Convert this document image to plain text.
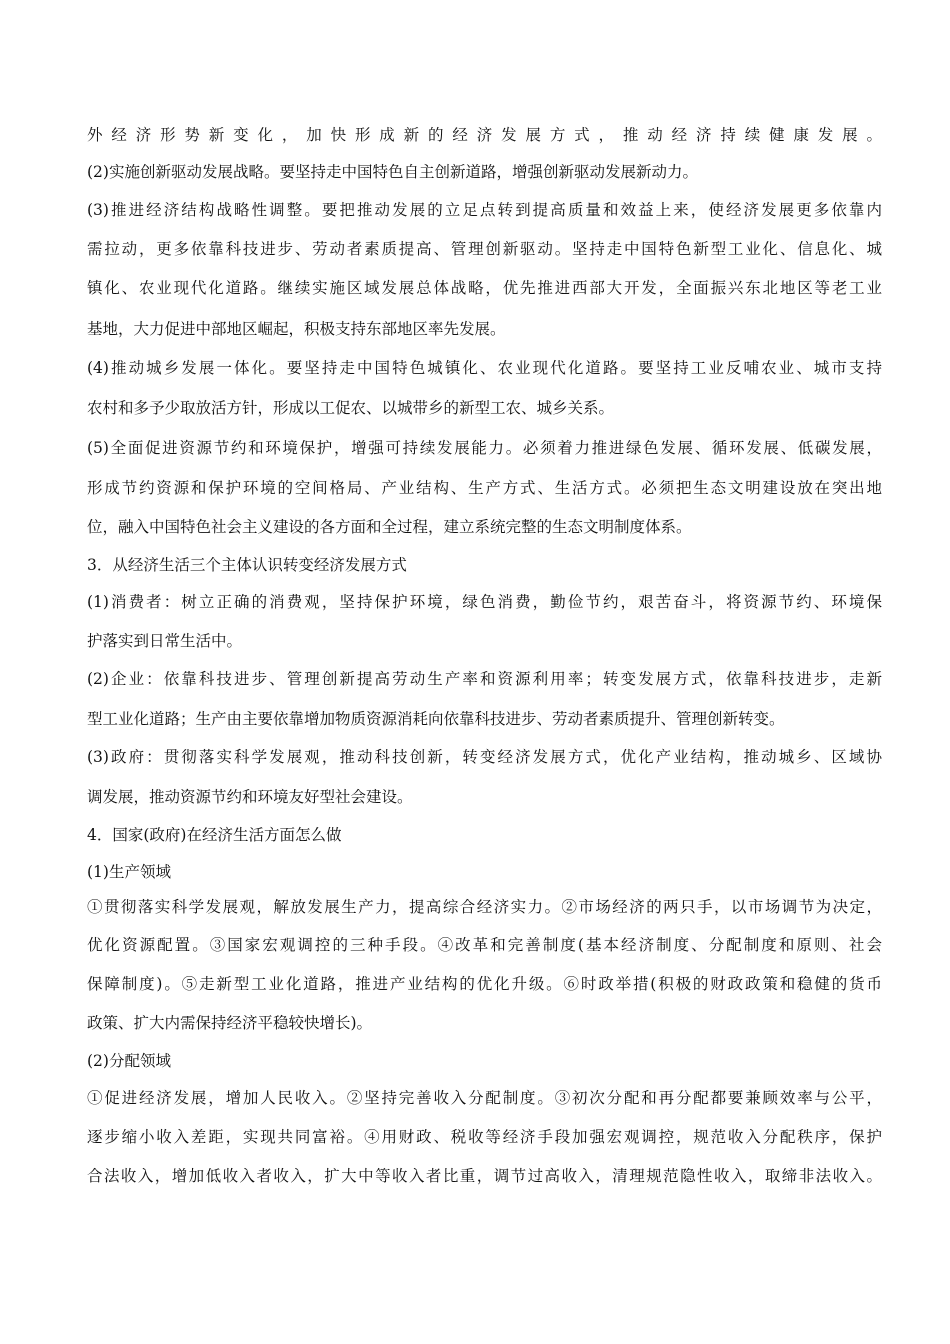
外经济形势新变化，加快形成新的经济发展方式，推动经济持续健康发展。
(2)实施创新驱动发展战略。要坚持走中国特色自主创新道路，增强创新驱动发展新动力。
(3)推进经济结构战略性调整。要把推动发展的立足点转到提高质量和效益上来，使经济发展更多依靠内
需拉动，更多依靠科技进步、劳动者素质提高、管理创新驱动。坚持走中国特色新型工业化、信息化、城
镇化、农业现代化道路。继续实施区域发展总体战略，优先推进西部大开发，全面振兴东北地区等老工业
基地，大力促进中部地区崛起，积极支持东部地区率先发展。
(4)推动城乡发展一体化。要坚持走中国特色城镇化、农业现代化道路。要坚持工业反哺农业、城市支持
农村和多予少取放活方针，形成以工促农、以城带乡的新型工农、城乡关系。
(5)全面促进资源节约和环境保护，增强可持续发展能力。必须着力推进绿色发展、循环发展、低碳发展，
形成节约资源和保护环境的空间格局、产业结构、生产方式、生活方式。必须把生态文明建设放在突出地
位，融入中国特色社会主义建设的各方面和全过程，建立系统完整的生态文明制度体系。
3．从经济生活三个主体认识转变经济发展方式
(1)消费者：树立正确的消费观，坚持保护环境，绿色消费，勤俭节约，艰苦奋斗，将资源节约、环境保
护落实到日常生活中。
(2)企业：依靠科技进步、管理创新提高劳动生产率和资源利用率；转变发展方式，依靠科技进步，走新
型工业化道路；生产由主要依靠增加物质资源消耗向依靠科技进步、劳动者素质提升、管理创新转变。
(3)政府：贯彻落实科学发展观，推动科技创新，转变经济发展方式，优化产业结构，推动城乡、区域协
调发展，推动资源节约和环境友好型社会建设。
4．国家(政府)在经济生活方面怎么做
(1)生产领域
①贯彻落实科学发展观，解放发展生产力，提高综合经济实力。②市场经济的两只手，以市场调节为决定，
优化资源配置。③国家宏观调控的三种手段。④改革和完善制度(基本经济制度、分配制度和原则、社会
保障制度)。⑤走新型工业化道路，推进产业结构的优化升级。⑥时政举措(积极的财政政策和稳健的货币
政策、扩大内需保持经济平稳较快增长)。
(2)分配领域
①促进经济发展，增加人民收入。②坚持完善收入分配制度。③初次分配和再分配都要兼顾效率与公平，
逐步缩小收入差距，实现共同富裕。④用财政、税收等经济手段加强宏观调控，规范收入分配秩序，保护
合法收入，增加低收入者收入，扩大中等收入者比重，调节过高收入，清理规范隐性收入，取缔非法收入。
